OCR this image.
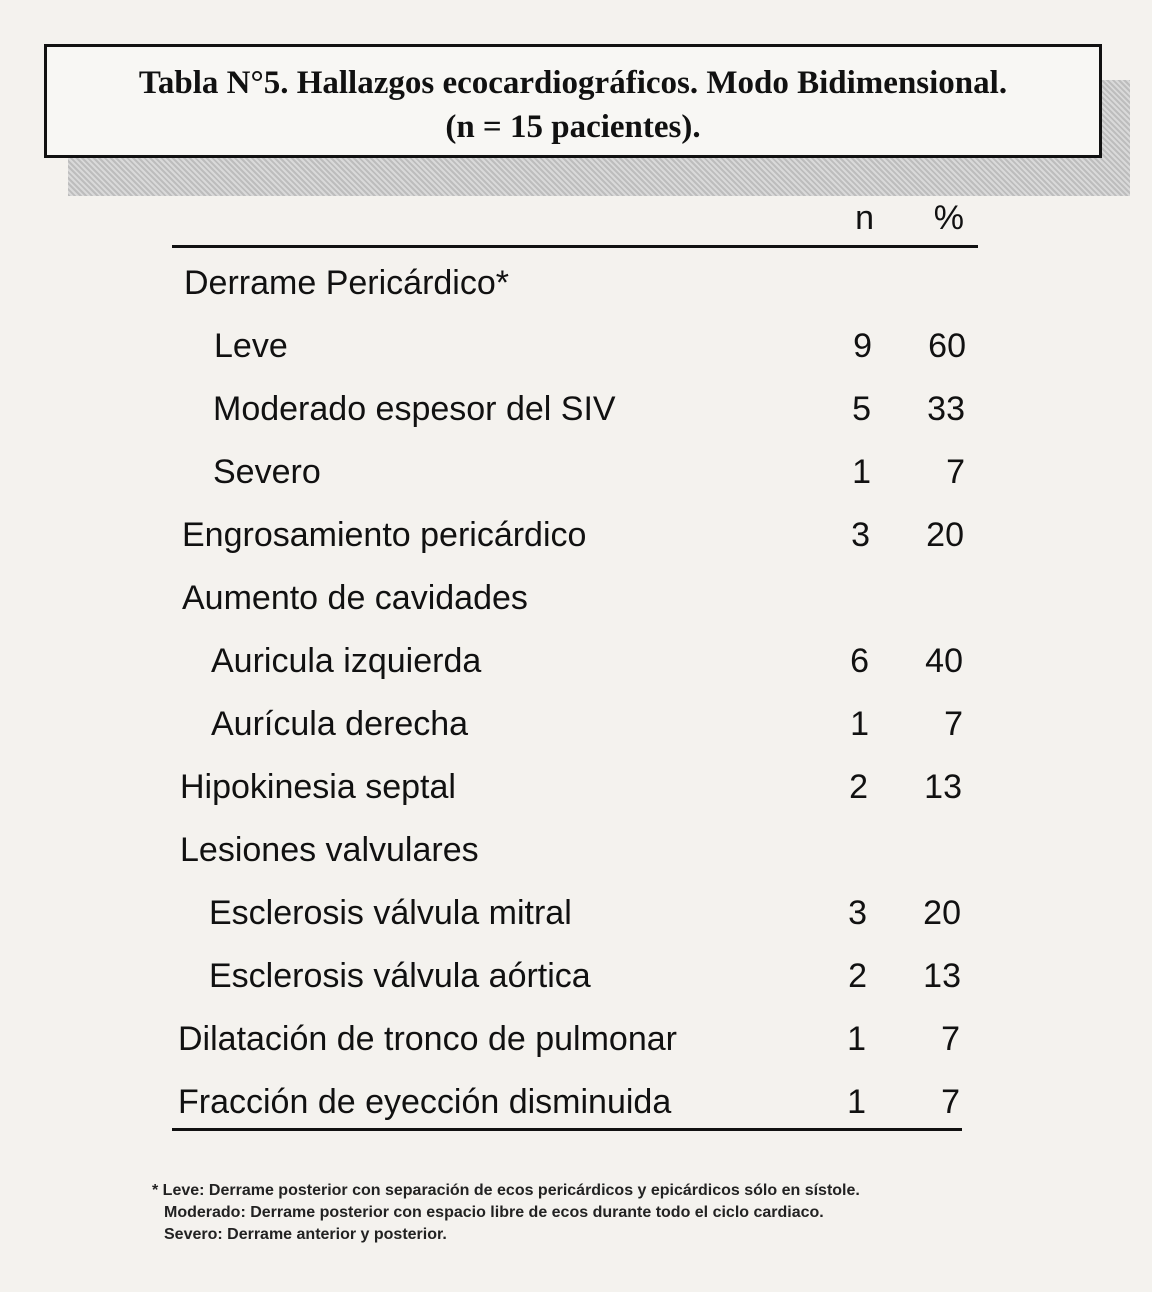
Tabla N°5. Hallazgos ecocardiográficos. Modo Bidimensional.
(n = 15 pacientes).
n	%
Derrame Pericárdico*
Leve	9	60
Moderado espesor del SIV	5	33
Severo	1	7
Engrosamiento pericárdico	3	20
Aumento de cavidades
Auricula izquierda	6	40
Aurícula derecha	1	7
Hipokinesia septal	2	13
Lesiones valvulares
Esclerosis válvula mitral	3	20
Esclerosis válvula aórtica	2	13
Dilatación de tronco de pulmonar	1	7
Fracción de eyección disminuida	1	7
* Leve: Derrame posterior con separación de ecos pericárdicos y epicárdicos sólo en sístole.
Moderado: Derrame posterior con espacio libre de ecos durante todo el ciclo cardiaco.
Severo: Derrame anterior y posterior.
